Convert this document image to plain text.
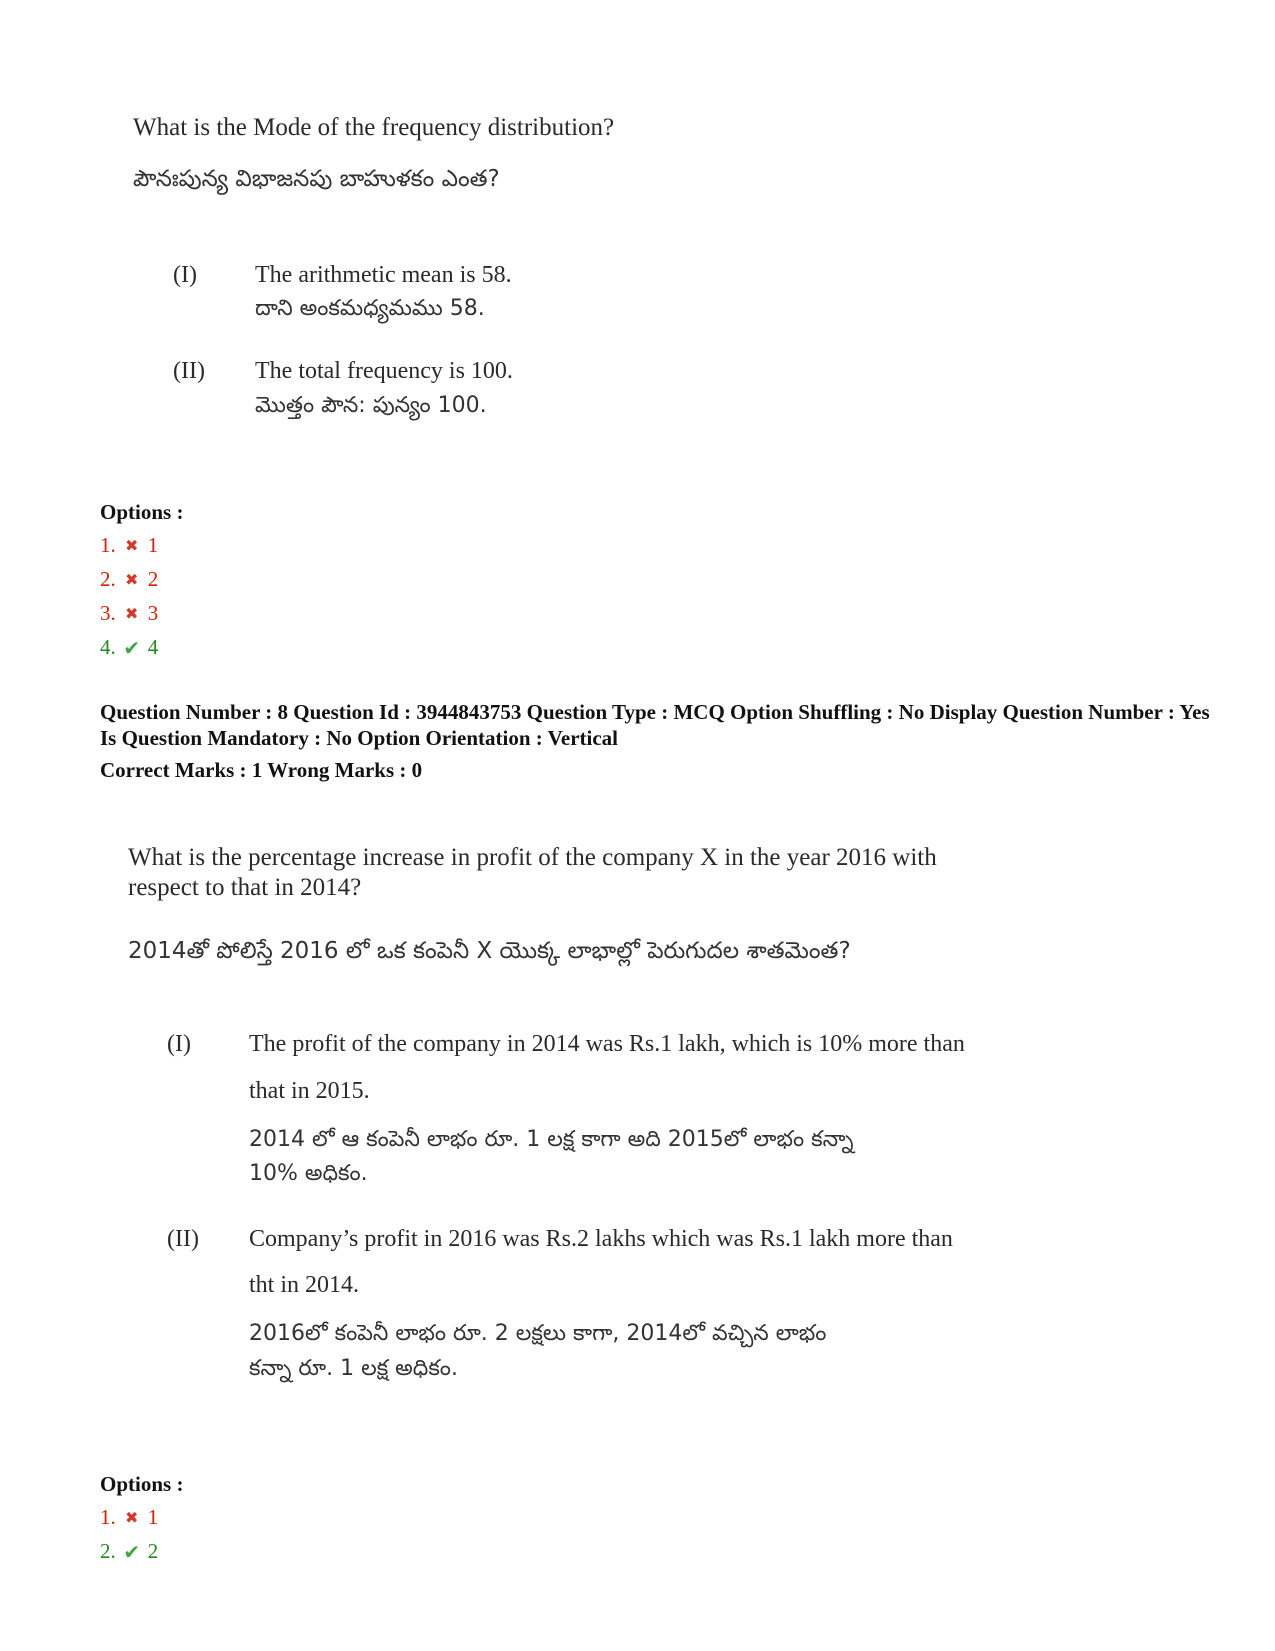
What is the Mode of the frequency distribution?
పౌనఃపున్య విభాజనపు బాహుళకం ఎంత?
(I) The arithmetic mean is 58.
దాని అంకమధ్యమము 58.
(II) The total frequency is 100.
మొత్తం పౌన: పున్యం 100.
Options :
1. ✖ 1
2. ✖ 2
3. ✖ 3
4. ✔ 4
Question Number : 8 Question Id : 3944843753 Question Type : MCQ Option Shuffling : No Display Question Number : Yes Is Question Mandatory : No Option Orientation : Vertical
Correct Marks : 1 Wrong Marks : 0
What is the percentage increase in profit of the company X in the year 2016 with
respect to that in 2014?
2014తో పోలిస్తే 2016 లో ఒక కంపెనీ X యొక్క లాభాల్లో పెరుగుదల శాతమెంత?
(I) The profit of the company in 2014 was Rs.1 lakh, which is 10% more than
that in 2015.
2014 లో ఆ కంపెనీ లాభం రూ. 1 లక్ష కాగా అది 2015లో లాభం కన్నా
10% అధికం.
(II) Company’s profit in 2016 was Rs.2 lakhs which was Rs.1 lakh more than
tht in 2014.
2016లో కంపెనీ లాభం రూ. 2 లక్షలు కాగా, 2014లో వచ్చిన లాభం
కన్నా రూ. 1 లక్ష అధికం.
Options :
1. ✖ 1
2. ✔ 2
